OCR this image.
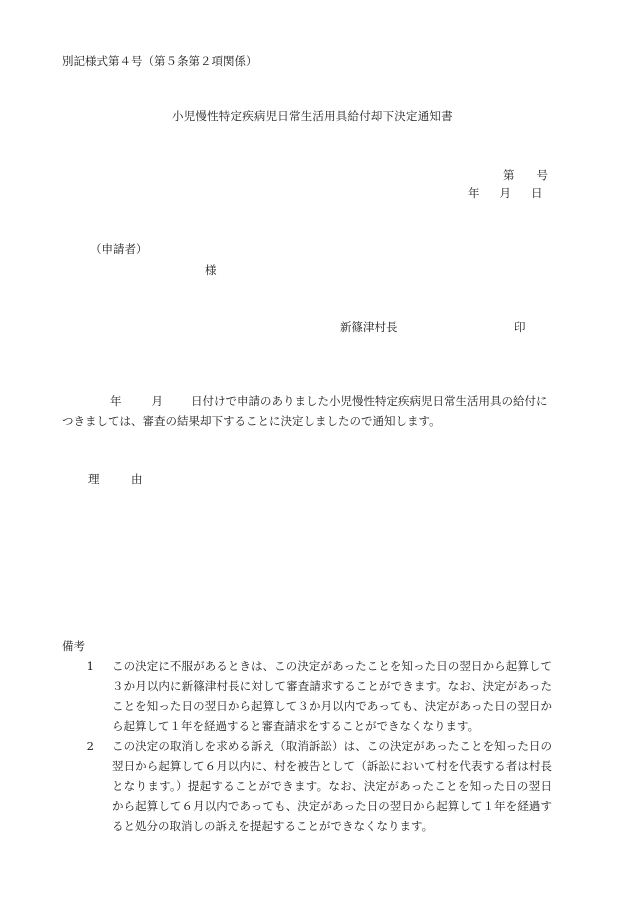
別記様式第４号（第５条第２項関係）
小児慢性特定疾病児日常生活用具給付却下決定通知書
第 号
年 月 日
（申請者）
様
新篠津村長	印
年	月 日付けで申請のありました小児慢性特定疾病児日常生活用具の給付につきましては、審査の結果却下することに決定しましたので通知します。
理　由
備考
1	この決定に不服があるときは、この決定があったことを知った日の翌日から起算して３か月以内に新篠津村長に対して審査請求することができます。なお、決定があったことを知った日の翌日から起算して３か月以内であっても、決定があった日の翌日から起算して１年を経過すると審査請求をすることができなくなります。
2	この決定の取消しを求める訴え（取消訴訟）は、この決定があったことを知った日の翌日から起算して６月以内に、村を被告として（訴訟において村を代表する者は村長となります。）提起することができます。なお、決定があったことを知った日の翌日から起算して６月以内であっても、決定があった日の翌日から起算して１年を経過すると処分の取消しの訴えを提起することができなくなります。
